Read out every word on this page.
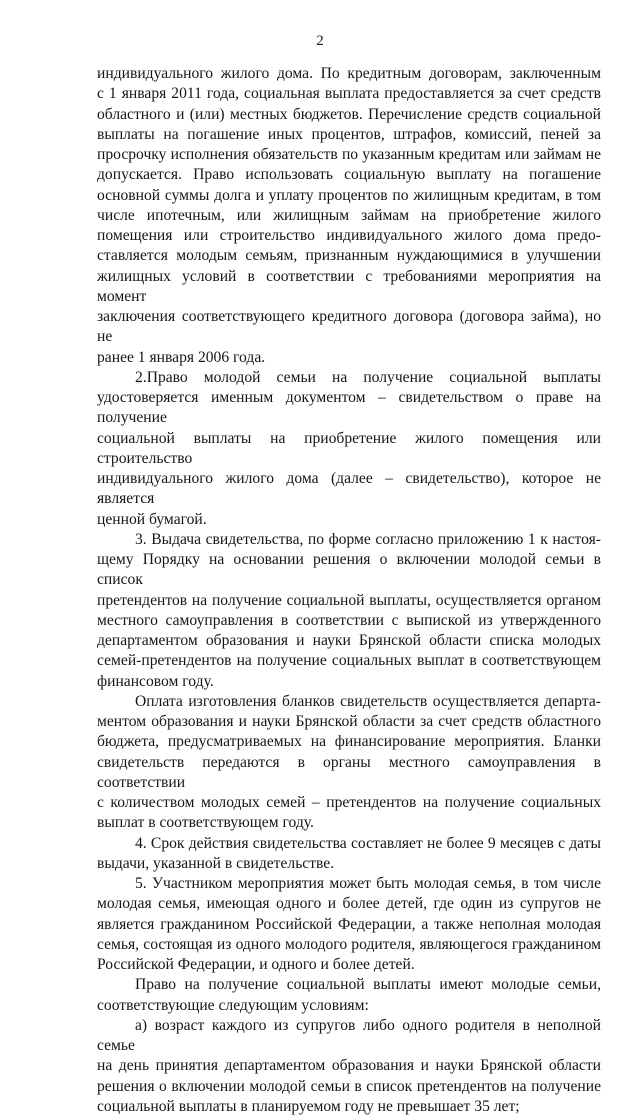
2
индивидуального жилого дома. По кредитным договорам, заключенным
с 1 января 2011 года, социальная выплата предоставляется за счет средств
областного и (или) местных бюджетов. Перечисление средств социальной
выплаты на погашение иных процентов, штрафов, комиссий, пеней за
просрочку исполнения обязательств по указанным кредитам или займам не
допускается. Право использовать социальную выплату на погашение
основной суммы долга и уплату процентов по жилищным кредитам, в том
числе ипотечным, или жилищным займам на приобретение жилого
помещения или строительство индивидуального жилого дома предо-
ставляется молодым семьям, признанным нуждающимися в улучшении
жилищных условий в соответствии с требованиями мероприятия на момент
заключения соответствующего кредитного договора (договора займа), но не
ранее 1 января 2006 года.
2.Право молодой семьи на получение социальной выплаты
удостоверяется именным документом – свидетельством о праве на получение
социальной выплаты на приобретение жилого помещения или строительство
индивидуального жилого дома (далее – свидетельство), которое не является
ценной бумагой.
3. Выдача свидетельства, по форме согласно приложению 1 к настоя-
щему Порядку на основании решения о включении молодой семьи в список
претендентов на получение социальной выплаты, осуществляется органом
местного самоуправления в соответствии с выпиской из утвержденного
департаментом образования и науки Брянской области списка молодых
семей-претендентов на получение социальных выплат в соответствующем
финансовом году.
Оплата изготовления бланков свидетельств осуществляется департа-
ментом образования и науки Брянской области за счет средств областного
бюджета, предусматриваемых на финансирование мероприятия. Бланки
свидетельств передаются в органы местного самоуправления в соответствии
с количеством молодых семей – претендентов на получение социальных
выплат в соответствующем году.
4. Срок действия свидетельства составляет не более 9 месяцев с даты
выдачи, указанной в свидетельстве.
5. Участником мероприятия может быть молодая семья, в том числе
молодая семья, имеющая одного и более детей, где один из супругов не
является гражданином Российской Федерации, а также неполная молодая
семья, состоящая из одного молодого родителя, являющегося гражданином
Российской Федерации, и одного и более детей.
Право на получение социальной выплаты имеют молодые семьи,
соответствующие следующим условиям:
а) возраст каждого из супругов либо одного родителя в неполной семье
на день принятия департаментом образования и науки Брянской области
решения о включении молодой семьи в список претендентов на получение
социальной выплаты в планируемом году не превышает 35 лет;
